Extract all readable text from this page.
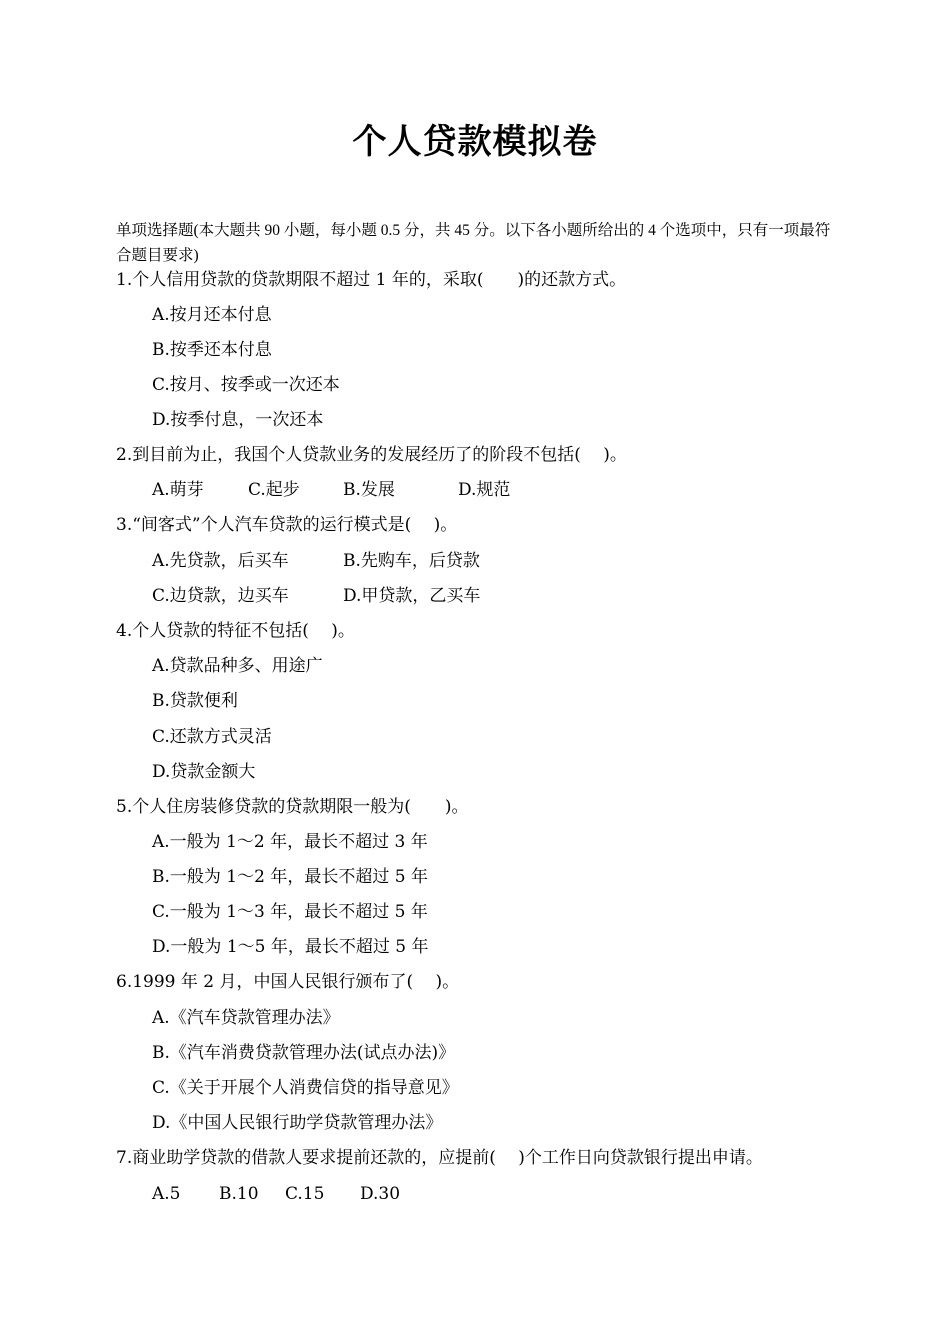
个人贷款模拟卷
单项选择题(本大题共 90 小题，每小题 0.5 分，共 45 分。以下各小题所给出的 4 个选项中，只有一项最符合题目要求)
1.个人信用贷款的贷款期限不超过 1 年的，采取(　　)的还款方式。
A.按月还本付息
B.按季还本付息
C.按月、按季或一次还本
D.按季付息，一次还本
2.到目前为止，我国个人贷款业务的发展经历了的阶段不包括(　 )。
A.萌芽	C.起步	B.发展	D.规范
3.“间客式”个人汽车贷款的运行模式是(　 )。
A.先贷款，后买车	B.先购车，后贷款
C.边贷款，边买车	D.甲贷款，乙买车
4.个人贷款的特征不包括(　 )。
A.贷款品种多、用途广
B.贷款便利
C.还款方式灵活
D.贷款金额大
5.个人住房装修贷款的贷款期限一般为(　　)。
A.一般为 1～2 年，最长不超过 3 年
B.一般为 1～2 年，最长不超过 5 年
C.一般为 1～3 年，最长不超过 5 年
D.一般为 1～5 年，最长不超过 5 年
6.1999 年 2 月，中国人民银行颁布了(　 )。
A.《汽车贷款管理办法》
B.《汽车消费贷款管理办法(试点办法)》
C.《关于开展个人消费信贷的指导意见》
D.《中国人民银行助学贷款管理办法》
7.商业助学贷款的借款人要求提前还款的，应提前(　 )个工作日向贷款银行提出申请。
A.5 B.10 C.15 D.30
